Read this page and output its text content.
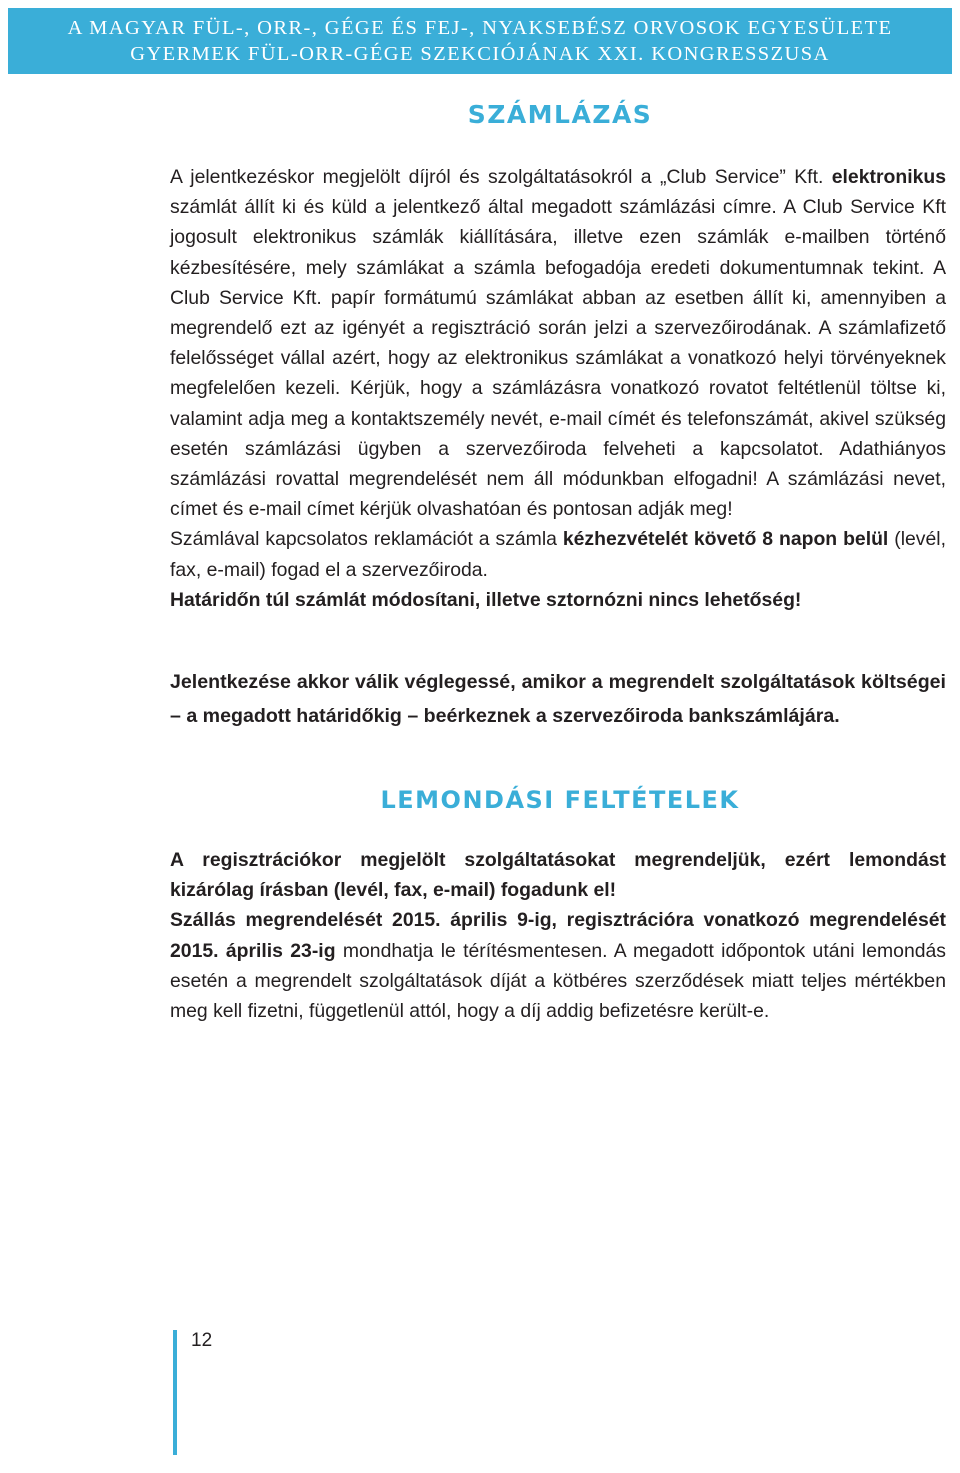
A MAGYAR FÜL-, ORR-, GÉGE ÉS FEJ-, NYAKSEBÉSZ ORVOSOK EGYESÜLETE
GYERMEK FÜL-ORR-GÉGE SZEKCIÓJÁNAK XXI. KONGRESSZUSA
SZÁMLÁZÁS

A jelentkezéskor megjelölt díjról és szolgáltatásokról a „Club Service” Kft. elektronikus számlát állít ki és küld a jelentkező által megadott számlázási címre. A Club Service Kft jogosult elektronikus számlák kiállítására, illetve ezen számlák e-mailben történő kézbesítésére, mely számlákat a számla befogadója eredeti dokumentumnak tekint. A Club Service Kft. papír formátumú számlákat abban az esetben állít ki, amennyiben a megrendelő ezt az igényét a regisztráció során jelzi a szervezőirodának. A számlafizető felelősséget vállal azért, hogy az elektronikus számlákat a vonatkozó helyi törvényeknek megfelelően kezeli. Kérjük, hogy a számlázásra vonatkozó rovatot feltétlenül töltse ki, valamint adja meg a kontaktszemély nevét, e-mail címét és telefonszámát, akivel szükség esetén számlázási ügyben a szervezőiroda felveheti a kapcsolatot. Adathiányos számlázási rovattal megrendelését nem áll módunkban elfogadni! A számlázási nevet, címet és e-mail címet kérjük olvashatóan és pontosan adják meg!
Számlával kapcsolatos reklamációt a számla kézhezvételét követő 8 napon belül (levél, fax, e-mail) fogad el a szervezőiroda.
Határidőn túl számlát módosítani, illetve sztornózni nincs lehetőség!

Jelentkezése akkor válik véglegessé, amikor a megrendelt szolgáltatások költségei – a megadott határidőkig – beérkeznek a szervezőiroda bankszámlájára.

LEMONDÁSI FELTÉTELEK

A regisztrációkor megjelölt szolgáltatásokat megrendeljük, ezért lemondást kizárólag írásban (levél, fax, e-mail) fogadunk el!
Szállás megrendelését 2015. április 9-ig, regisztrációra vonatkozó megrendelését 2015. április 23-ig mondhatja le térítésmentesen. A megadott időpontok utáni lemondás esetén a megrendelt szolgáltatások díját a kötbéres szerződések miatt teljes mértékben meg kell fizetni, függetlenül attól, hogy a díj addig befizetésre került-e.

12
